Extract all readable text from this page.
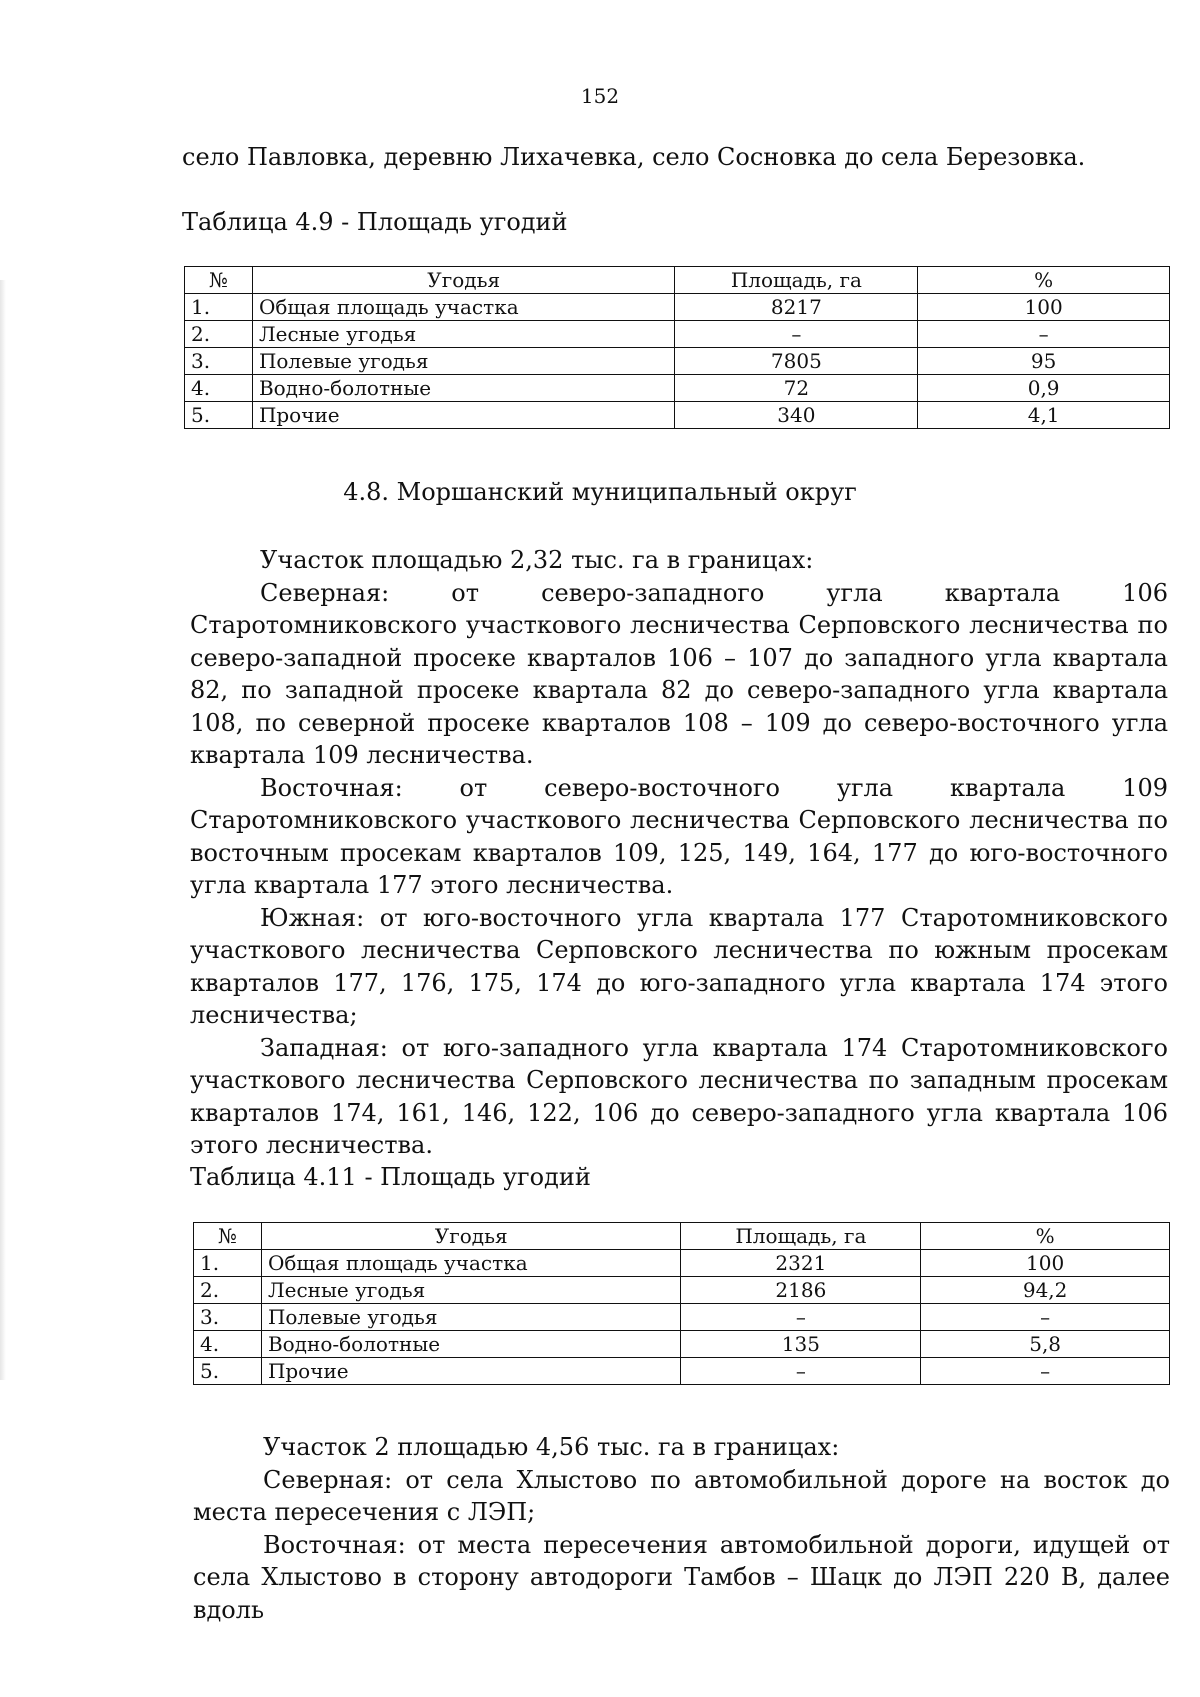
152
село Павловка, деревню Лихачевка, село Сосновка до села Березовка.
Таблица 4.9 - Площадь угодий
№	Угодья	Площадь, га	%
1.	Общая площадь участка	8217	100
2.	Лесные угодья	–	–
3.	Полевые угодья	7805	95
4.	Водно-болотные	72	0,9
5.	Прочие	340	4,1
4.8. Моршанский муниципальный округ

Участок площадью 2,32 тыс. га в границах:

Северная: от северо-западного угла квартала 106 Старотомниковского участкового лесничества Серповского лесничества по северо-западной просеке кварталов 106 – 107 до западного угла квартала 82, по западной просеке квартала 82 до северо-западного угла квартала 108, по северной просеке кварталов 108 – 109 до северо-восточного угла квартала 109 лесничества.

Восточная: от северо-восточного угла квартала 109 Старотомниковского участкового лесничества Серповского лесничества по восточным просекам кварталов 109, 125, 149, 164, 177 до юго-восточного угла квартала 177 этого лесничества.

Южная: от юго-восточного угла квартала 177 Старотомниковского участкового лесничества Серповского лесничества по южным просекам кварталов 177, 176, 175, 174 до юго-западного угла квартала 174 этого лесничества;

Западная: от юго-западного угла квартала 174 Старотомниковского участкового лесничества Серповского лесничества по западным просекам кварталов 174, 161, 146, 122, 106 до северо-западного угла квартала 106 этого лесничества.

Таблица 4.11 - Площадь угодий
№	Угодья	Площадь, га	%
1.	Общая площадь участка	2321	100
2.	Лесные угодья	2186	94,2
3.	Полевые угодья	–	–
4.	Водно-болотные	135	5,8
5.	Прочие	–	–

Участок 2 площадью 4,56 тыс. га в границах:

Северная: от села Хлыстово по автомобильной дороге на восток до места пересечения с ЛЭП;

Восточная: от места пересечения автомобильной дороги, идущей от села Хлыстово в сторону автодороги Тамбов – Шацк до ЛЭП 220 В, далее вдоль
